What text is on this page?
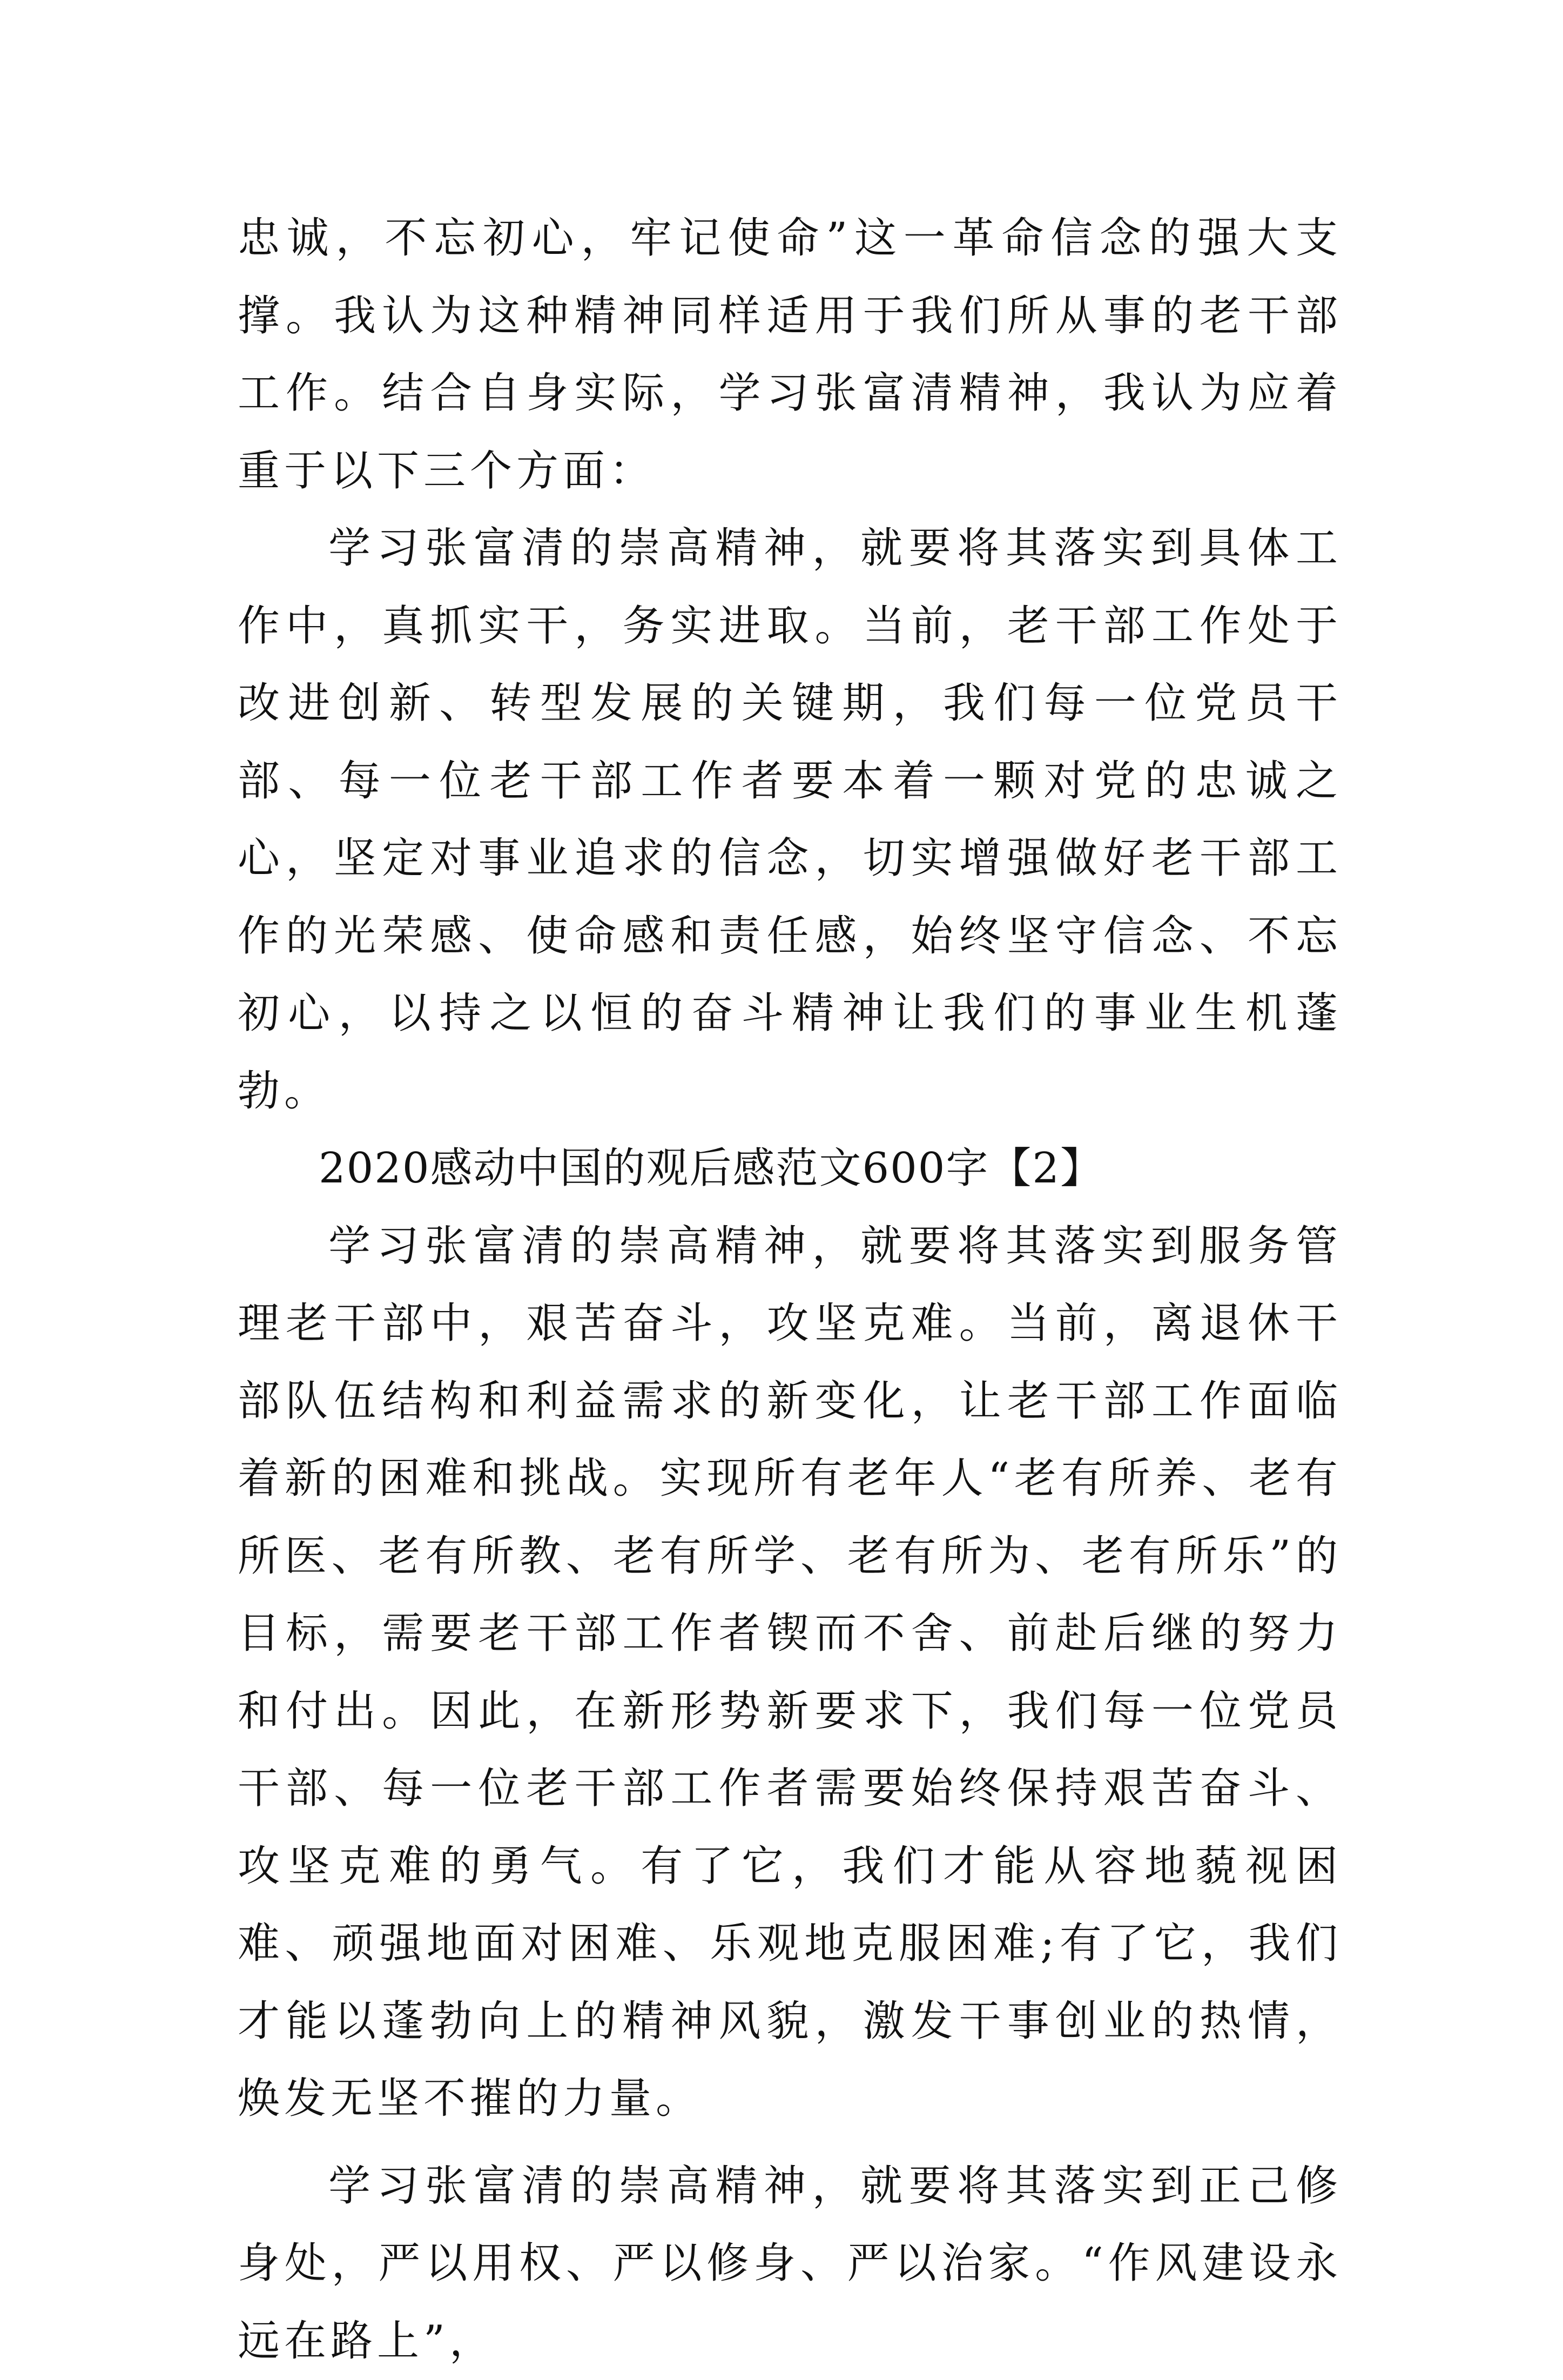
忠诚，不忘初心，牢记使命”这一革命信念的强大支撑。我认为这种精神同样适用于我们所从事的老干部工作。结合自身实际，学习张富清精神，我认为应着重于以下三个方面：

学习张富清的崇高精神，就要将其落实到具体工作中，真抓实干，务实进取。当前，老干部工作处于改进创新、转型发展的关键期，我们每一位党员干部、每一位老干部工作者要本着一颗对党的忠诚之心，坚定对事业追求的信念，切实增强做好老干部工作的光荣感、使命感和责任感，始终坚守信念、不忘初心，以持之以恒的奋斗精神让我们的事业生机蓬勃。

2020感动中国的观后感范文600字【2】

学习张富清的崇高精神，就要将其落实到服务管理老干部中，艰苦奋斗，攻坚克难。当前，离退休干部队伍结构和利益需求的新变化，让老干部工作面临着新的困难和挑战。实现所有老年人“老有所养、老有所医、老有所教、老有所学、老有所为、老有所乐”的目标，需要老干部工作者锲而不舍、前赴后继的努力和付出。因此，在新形势新要求下，我们每一位党员干部、每一位老干部工作者需要始终保持艰苦奋斗、攻坚克难的勇气。有了它，我们才能从容地藐视困难、顽强地面对困难、乐观地克服困难;有了它，我们才能以蓬勃向上的精神风貌，激发干事创业的热情，焕发无坚不摧的力量。

学习张富清的崇高精神，就要将其落实到正己修身处，严以用权、严以修身、严以治家。“作风建设永远在路上”，
